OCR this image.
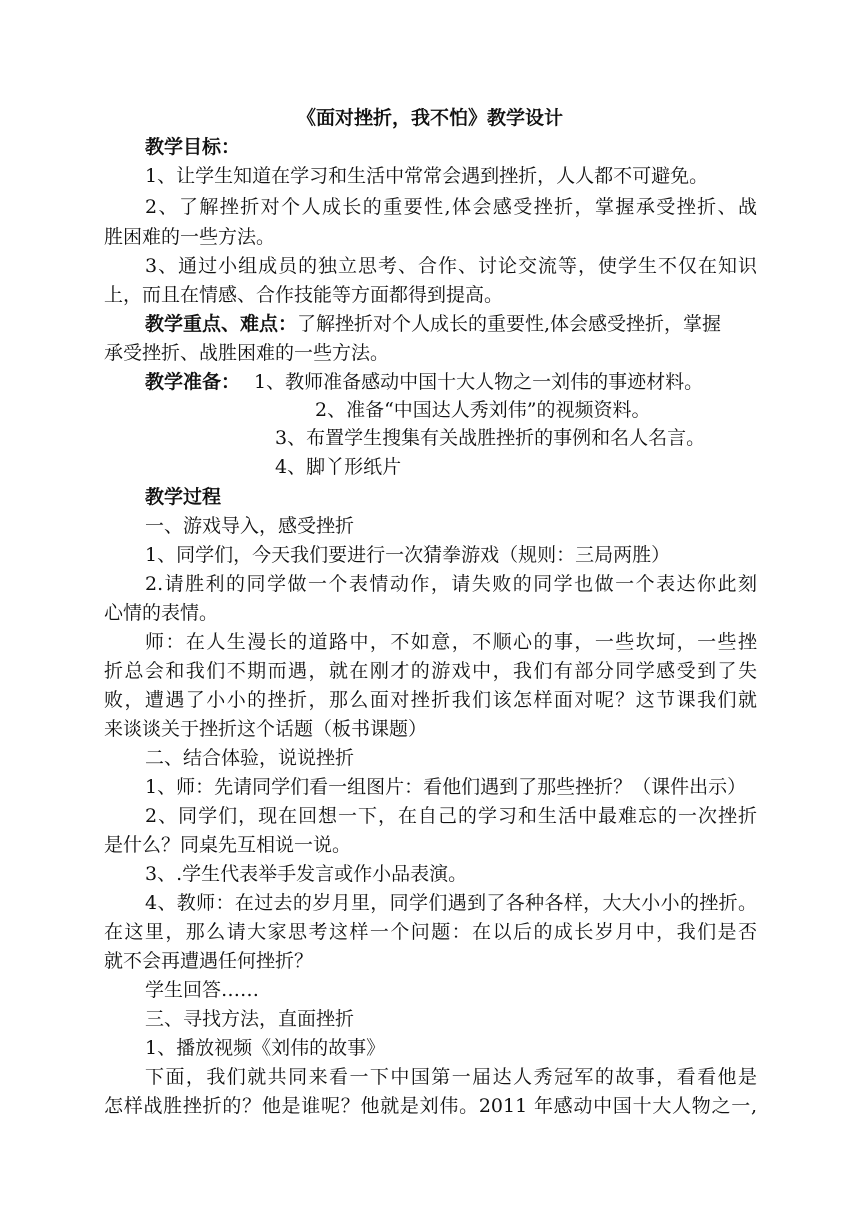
《面对挫折，我不怕》教学设计
教学目标：
1、让学生知道在学习和生活中常常会遇到挫折，人人都不可避免。
2、了解挫折对个人成长的重要性,体会感受挫折，掌握承受挫折、战
胜困难的一些方法。
3、通过小组成员的独立思考、合作、讨论交流等，使学生不仅在知识
上，而且在情感、合作技能等方面都得到提高。
教学重点、难点：了解挫折对个人成长的重要性,体会感受挫折，掌握
承受挫折、战胜困难的一些方法。
教学准备： 1、教师准备感动中国十大人物之一刘伟的事迹材料。
2、准备“中国达人秀刘伟”的视频资料。
3、布置学生搜集有关战胜挫折的事例和名人名言。
4、脚丫形纸片
教学过程
一、游戏导入，感受挫折
1、同学们，今天我们要进行一次猜拳游戏（规则：三局两胜）
2.请胜利的同学做一个表情动作，请失败的同学也做一个表达你此刻
心情的表情。
师：在人生漫长的道路中，不如意，不顺心的事，一些坎坷，一些挫
折总会和我们不期而遇，就在刚才的游戏中，我们有部分同学感受到了失
败，遭遇了小小的挫折，那么面对挫折我们该怎样面对呢？这节课我们就
来谈谈关于挫折这个话题（板书课题）
二、结合体验，说说挫折
1、师：先请同学们看一组图片：看他们遇到了那些挫折？（课件出示）
2、同学们，现在回想一下，在自己的学习和生活中最难忘的一次挫折
是什么？同桌先互相说一说。
3、.学生代表举手发言或作小品表演。
4、教师：在过去的岁月里，同学们遇到了各种各样，大大小小的挫折。
在这里，那么请大家思考这样一个问题：在以后的成长岁月中，我们是否
就不会再遭遇任何挫折？
学生回答……
三、寻找方法，直面挫折
1、播放视频《刘伟的故事》
下面，我们就共同来看一下中国第一届达人秀冠军的故事，看看他是
怎样战胜挫折的？他是谁呢？他就是刘伟。2011 年感动中国十大人物之一,
